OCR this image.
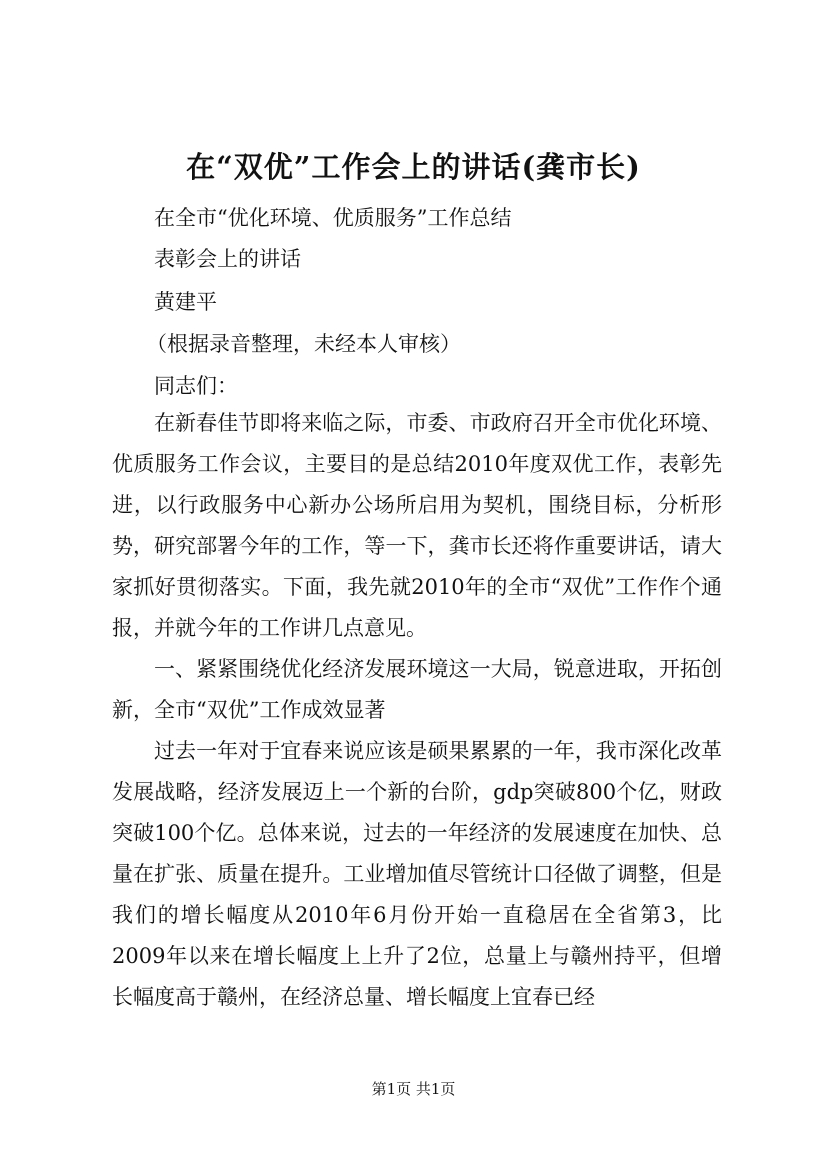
在“双优”工作会上的讲话(龚市长)

在全市“优化环境、优质服务”工作总结

表彰会上的讲话

黄建平

（根据录音整理，未经本人审核）

同志们：

在新春佳节即将来临之际，市委、市政府召开全市优化环境、优质服务工作会议，主要目的是总结2010年度双优工作，表彰先进，以行政服务中心新办公场所启用为契机，围绕目标，分析形势，研究部署今年的工作，等一下，龚市长还将作重要讲话，请大家抓好贯彻落实。下面，我先就2010年的全市“双优”工作作个通报，并就今年的工作讲几点意见。

一、紧紧围绕优化经济发展环境这一大局，锐意进取，开拓创新，全市“双优”工作成效显著

过去一年对于宜春来说应该是硕果累累的一年，我市深化改革发展战略，经济发展迈上一个新的台阶，gdp突破800个亿，财政突破100个亿。总体来说，过去的一年经济的发展速度在加快、总量在扩张、质量在提升。工业增加值尽管统计口径做了调整，但是我们的增长幅度从2010年6月份开始一直稳居在全省第3，比2009年以来在增长幅度上上升了2位，总量上与赣州持平，但增长幅度高于赣州，在经济总量、增长幅度上宜春已经

第1页 共1页
